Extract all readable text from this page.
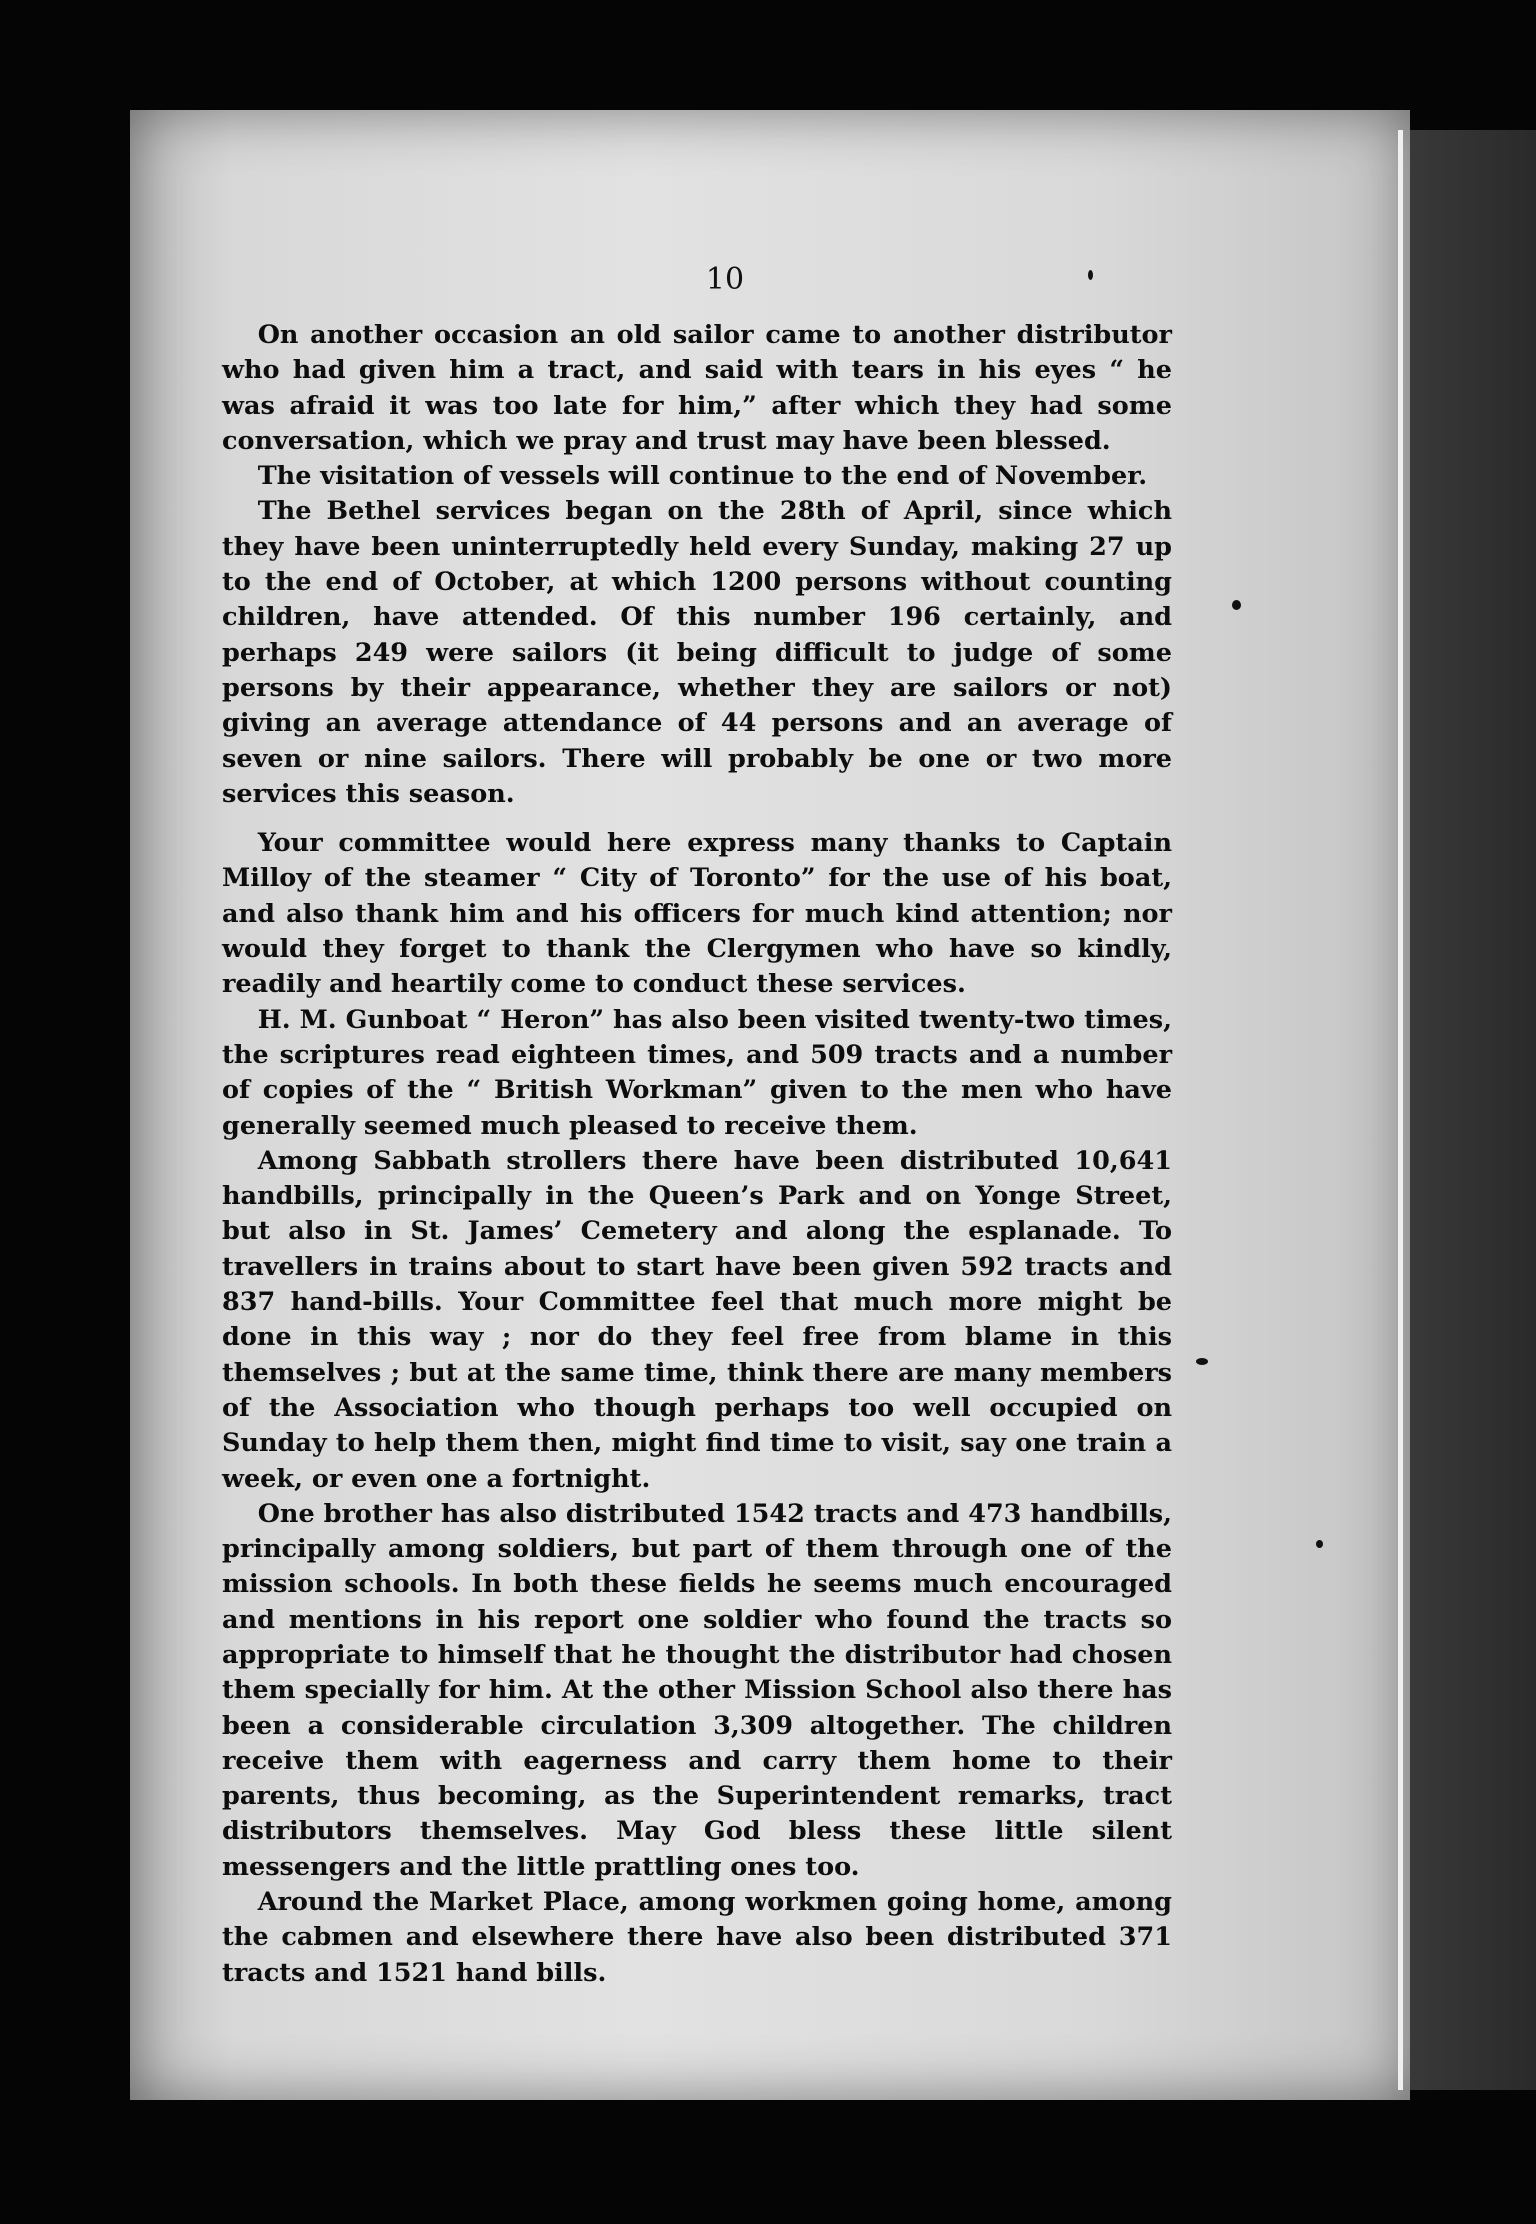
10

On another occasion an old sailor came to another distributor who had given him a tract, and said with tears in his eyes “ he was afraid it was too late for him,” after which they had some conversation, which we pray and trust may have been blessed.

The visitation of vessels will continue to the end of November.

The Bethel services began on the 28th of April, since which they have been uninterruptedly held every Sunday, making 27 up to the end of October, at which 1200 persons without counting children, have attended. Of this number 196 certainly, and perhaps 249 were sailors (it being difficult to judge of some persons by their appearance, whether they are sailors or not) giving an average attendance of 44 persons and an average of seven or nine sailors. There will probably be one or two more services this season.

Your committee would here express many thanks to Captain Milloy of the steamer “ City of Toronto” for the use of his boat, and also thank him and his officers for much kind attention; nor would they forget to thank the Clergymen who have so kindly, readily and heartily come to conduct these services.

H. M. Gunboat “ Heron” has also been visited twenty-two times, the scriptures read eighteen times, and 509 tracts and a number of copies of the “ British Workman” given to the men who have generally seemed much pleased to receive them.

Among Sabbath strollers there have been distributed 10,641 handbills, principally in the Queen’s Park and on Yonge Street, but also in St. James’ Cemetery and along the esplanade. To travellers in trains about to start have been given 592 tracts and 837 hand-bills. Your Committee feel that much more might be done in this way ; nor do they feel free from blame in this themselves ; but at the same time, think there are many members of the Association who though perhaps too well occupied on Sunday to help them then, might find time to visit, say one train a week, or even one a fortnight.

One brother has also distributed 1542 tracts and 473 handbills, principally among soldiers, but part of them through one of the mission schools. In both these fields he seems much encouraged and mentions in his report one soldier who found the tracts so appropriate to himself that he thought the distributor had chosen them specially for him. At the other Mission School also there has been a considerable circulation 3,309 altogether. The children receive them with eagerness and carry them home to their parents, thus becoming, as the Superintendent remarks, tract distributors themselves. May God bless these little silent messengers and the little prattling ones too.

Around the Market Place, among workmen going home, among the cabmen and elsewhere there have also been distributed 371 tracts and 1521 hand bills.
